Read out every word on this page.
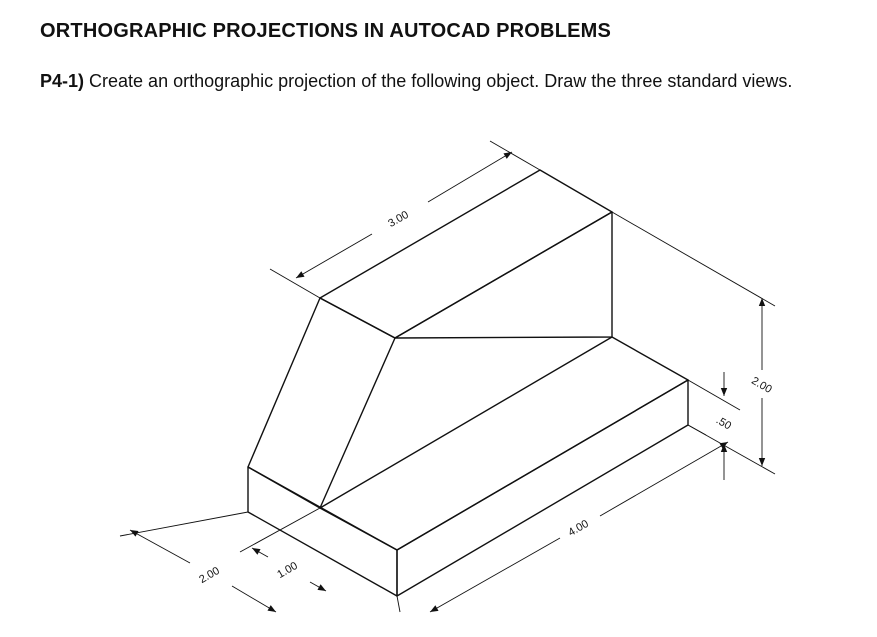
ORTHOGRAPHIC PROJECTIONS IN AUTOCAD PROBLEMS
P4-1) Create an orthographic projection of the following object. Draw the three standard views.
3.00
2.00
.50
4.00
2.00	1.00
